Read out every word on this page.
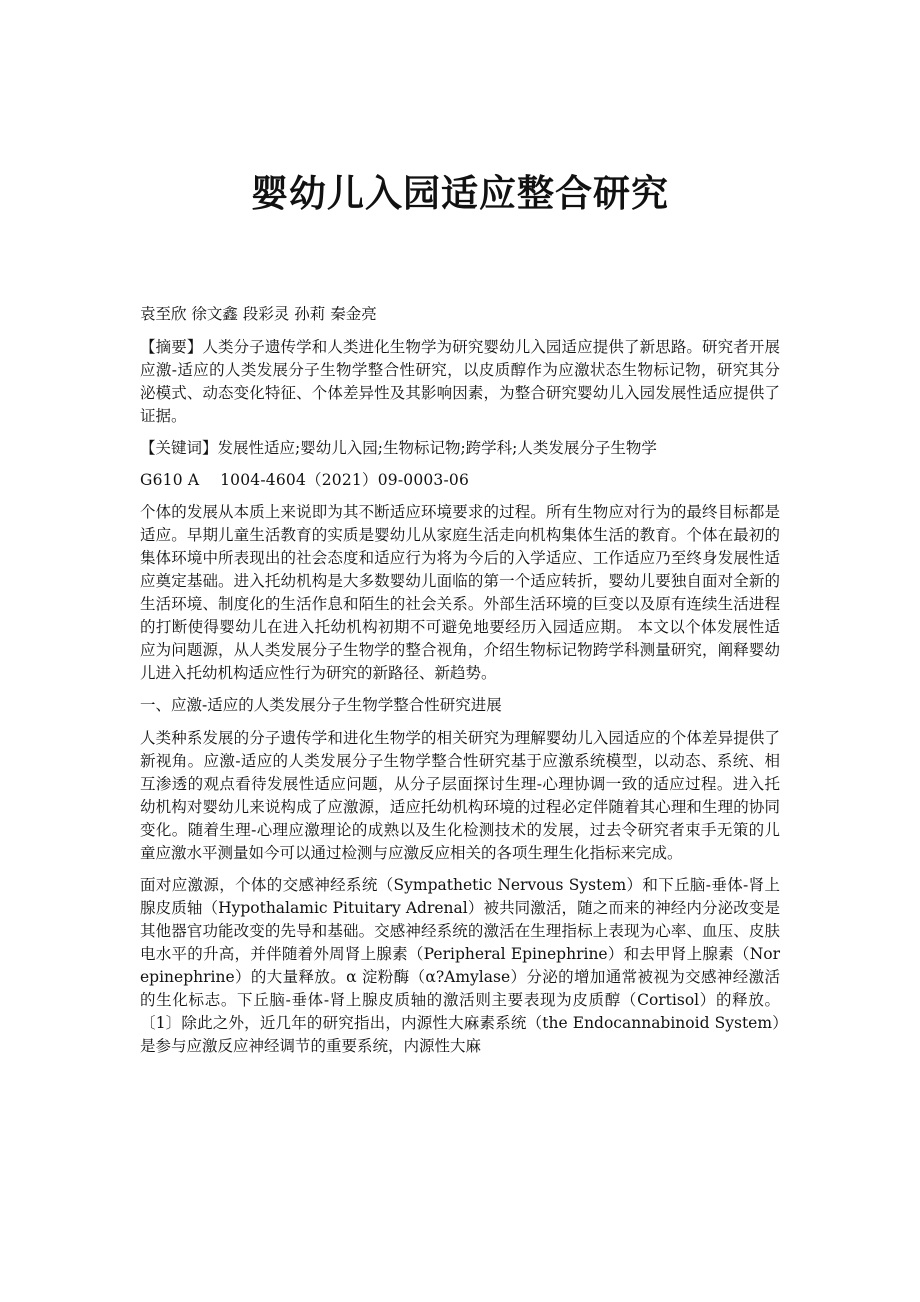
婴幼儿入园适应整合研究

袁至欣 徐文鑫 段彩灵 孙莉 秦金亮

【摘要】人类分子遗传学和人类进化生物学为研究婴幼儿入园适应提供了新思路。研究者开展应激-适应的人类发展分子生物学整合性研究，以皮质醇作为应激状态生物标记物，研究其分泌模式、动态变化特征、个体差异性及其影响因素，为整合研究婴幼儿入园发展性适应提供了证据。

【关键词】发展性适应;婴幼儿入园;生物标记物;跨学科;人类发展分子生物学

G610 A　 1004-4604（2021）09-0003-06

个体的发展从本质上来说即为其不断适应环境要求的过程。所有生物应对行为的最终目标都是适应。早期儿童生活教育的实质是婴幼儿从家庭生活走向机构集体生活的教育。个体在最初的集体环境中所表现出的社会态度和适应行为将为今后的入学适应、工作适应乃至终身发展性适应奠定基础。进入托幼机构是大多数婴幼儿面临的第一个适应转折，婴幼儿要独自面对全新的生活环境、制度化的生活作息和陌生的社会关系。外部生活环境的巨变以及原有连续生活进程的打断使得婴幼儿在进入托幼机构初期不可避免地要经历入园适应期。 本文以个体发展性适应为问题源，从人类发展分子生物学的整合视角，介绍生物标记物跨学科测量研究，阐释婴幼儿进入托幼机构适应性行为研究的新路径、新趋势。

一、应激-适应的人类发展分子生物学整合性研究进展

人类种系发展的分子遗传学和进化生物学的相关研究为理解婴幼儿入园适应的个体差异提供了新视角。应激-适应的人类发展分子生物学整合性研究基于应激系统模型，以动态、系统、相互渗透的观点看待发展性适应问题，从分子层面探讨生理-心理协调一致的适应过程。进入托幼机构对婴幼儿来说构成了应激源，适应托幼机构环境的过程必定伴随着其心理和生理的协同变化。随着生理-心理应激理论的成熟以及生化检测技术的发展，过去令研究者束手无策的儿童应激水平测量如今可以通过检测与应激反应相关的各项生理生化指标来完成。

面对应激源，个体的交感神经系统（Sympathetic Nervous System）和下丘脑-垂体-肾上腺皮质轴（Hypothalamic Pituitary Adrenal）被共同激活，随之而来的神经内分泌改变是其他器官功能改变的先导和基础。交感神经系统的激活在生理指标上表现为心率、血压、皮肤电水平的升高，并伴随着外周肾上腺素（Peripheral Epinephrine）和去甲肾上腺素（Norepinephrine）的大量释放。α 淀粉酶（α?Amylase）分泌的增加通常被视为交感神经激活的生化标志。下丘脑-垂体-肾上腺皮质轴的激活则主要表现为皮质醇（Cortisol）的释放。〔1〕除此之外，近几年的研究指出，内源性大麻素系统（the Endocannabinoid System）是参与应激反应神经调节的重要系统，内源性大麻
